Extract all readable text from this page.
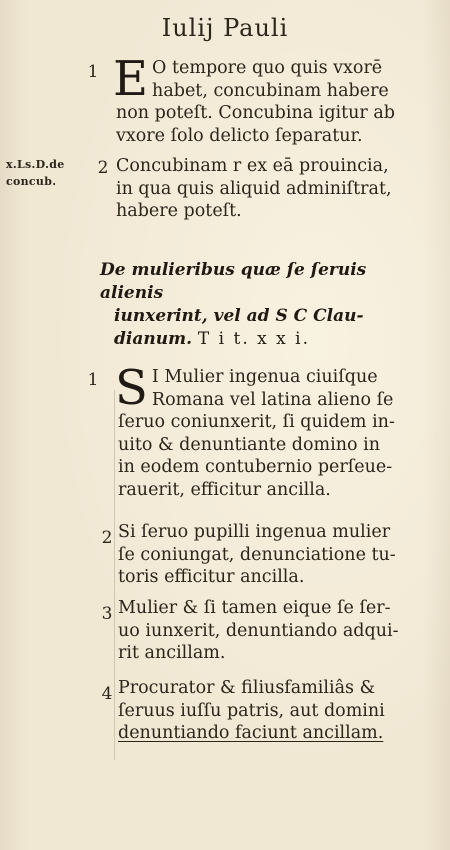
Iulij Pauli
x.Ls.D.de
concub.
1 E O tempore quo quis vxorē

habet, concubinam habere

non poteſt. Concubina igitur ab

vxore ſolo delicto ſeparatur.

2 Concubinam r ex eā prouincia,

in qua quis aliquid adminiſtrat,

habere poteſt.

De mulieribus quæ ſe ſeruis alienis
iunxerint, vel ad S C Clau-
dianum. T i t. x x i.
1 S I Mulier ingenua ciuiſque

Romana vel latina alieno ſe

ſeruo coniunxerit, ſi quidem in-

uito & denuntiante domino in

in eodem contubernio perſeue-

rauerit, efficitur ancilla.

2 Si ſeruo pupilli ingenua mulier

ſe coniungat, denunciatione tu-

toris efficitur ancilla.

3 Mulier & ſi tamen eique ſe ſer-

uo iunxerit, denuntiando adqui-

rit ancillam.

4 Procurator & filiusfamiliâs &

ſeruus iuſſu patris, aut domini

denuntiando faciunt ancillam.
